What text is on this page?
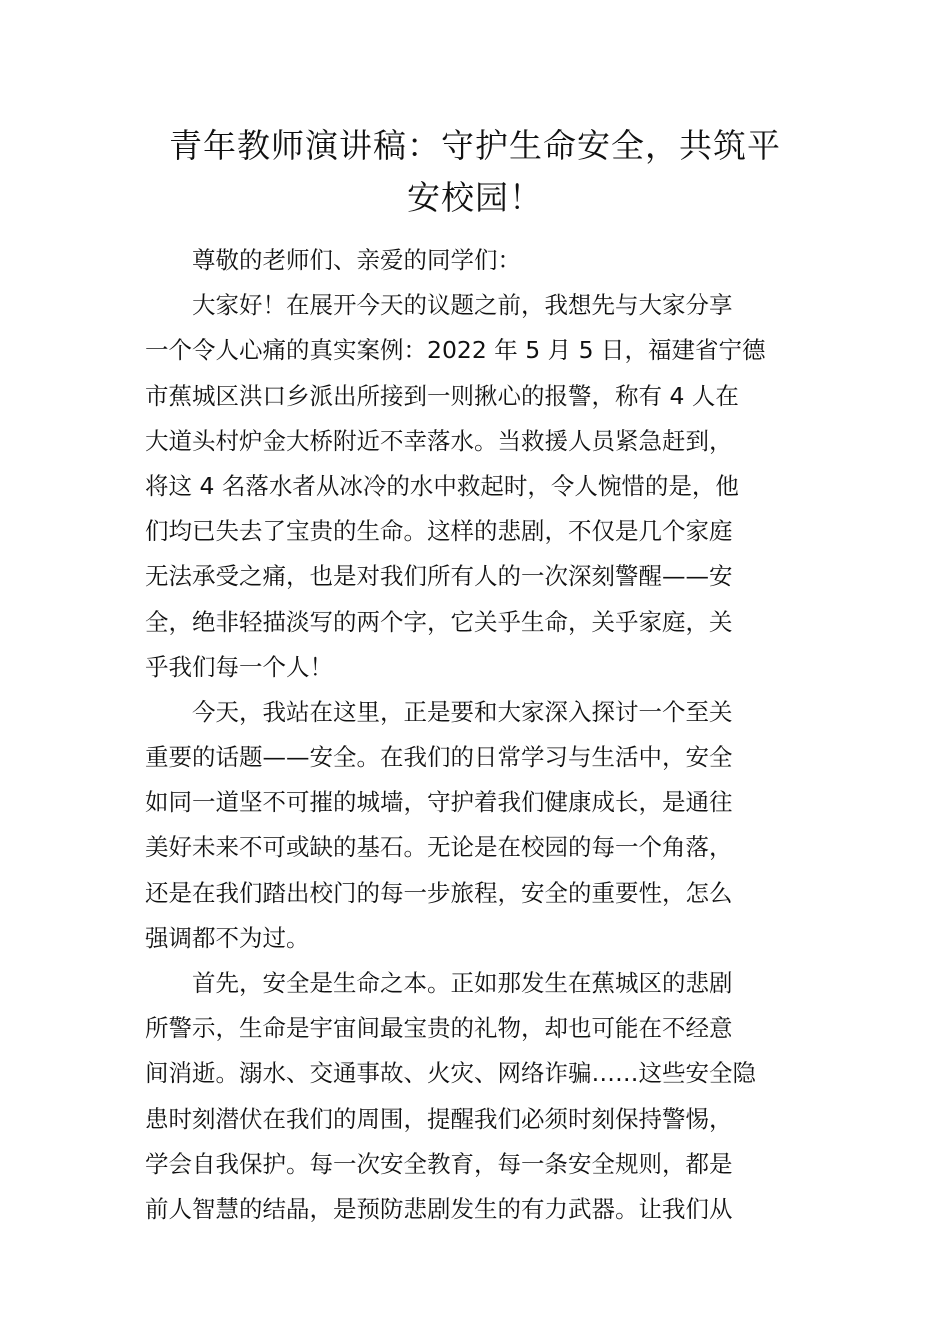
青年教师演讲稿：守护生命安全，共筑平
安校园！
尊敬的老师们、亲爱的同学们：
大家好！在展开今天的议题之前，我想先与大家分享
一个令人心痛的真实案例：2022 年 5 月 5 日，福建省宁德
市蕉城区洪口乡派出所接到一则揪心的报警，称有 4 人在
大道头村炉金大桥附近不幸落水。当救援人员紧急赶到，
将这 4 名落水者从冰冷的水中救起时，令人惋惜的是，他
们均已失去了宝贵的生命。这样的悲剧，不仅是几个家庭
无法承受之痛，也是对我们所有人的一次深刻警醒——安
全，绝非轻描淡写的两个字，它关乎生命，关乎家庭，关
乎我们每一个人！
今天，我站在这里，正是要和大家深入探讨一个至关
重要的话题——安全。在我们的日常学习与生活中，安全
如同一道坚不可摧的城墙，守护着我们健康成长，是通往
美好未来不可或缺的基石。无论是在校园的每一个角落，
还是在我们踏出校门的每一步旅程，安全的重要性，怎么
强调都不为过。
首先，安全是生命之本。正如那发生在蕉城区的悲剧
所警示，生命是宇宙间最宝贵的礼物，却也可能在不经意
间消逝。溺水、交通事故、火灾、网络诈骗……这些安全隐
患时刻潜伏在我们的周围，提醒我们必须时刻保持警惕，
学会自我保护。每一次安全教育，每一条安全规则，都是
前人智慧的结晶，是预防悲剧发生的有力武器。让我们从
